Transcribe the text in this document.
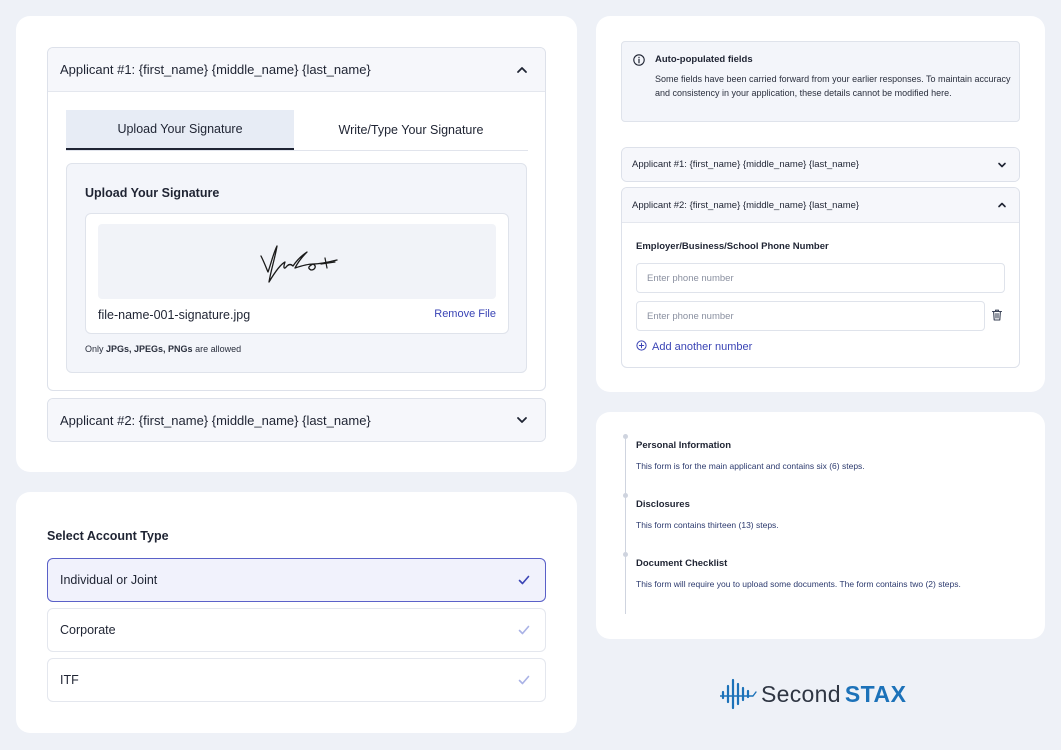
Applicant #1: {first_name} {middle_name} {last_name}
Upload Your Signature	Write/Type Your Signature
Upload Your Signature
file-name-001-signature.jpg	Remove File
Only JPGs, JPEGs, PNGs are allowed
Applicant #2: {first_name} {middle_name} {last_name}
Select Account Type
Individual or Joint
Corporate
ITF
Auto-populated fields
Some fields have been carried forward from your earlier responses. To maintain accuracy and consistency in your application, these details cannot be modified here.
Applicant #1: {first_name} {middle_name} {last_name}
Applicant #2: {first_name} {middle_name} {last_name}
Employer/Business/School Phone Number
Enter phone number
Enter phone number
Add another number
Personal Information
This form is for the main applicant and contains six (6) steps.
Disclosures
This form contains thirteen (13) steps.
Document Checklist
This form will require you to upload some documents. The form contains two (2) steps.
Second STAX
